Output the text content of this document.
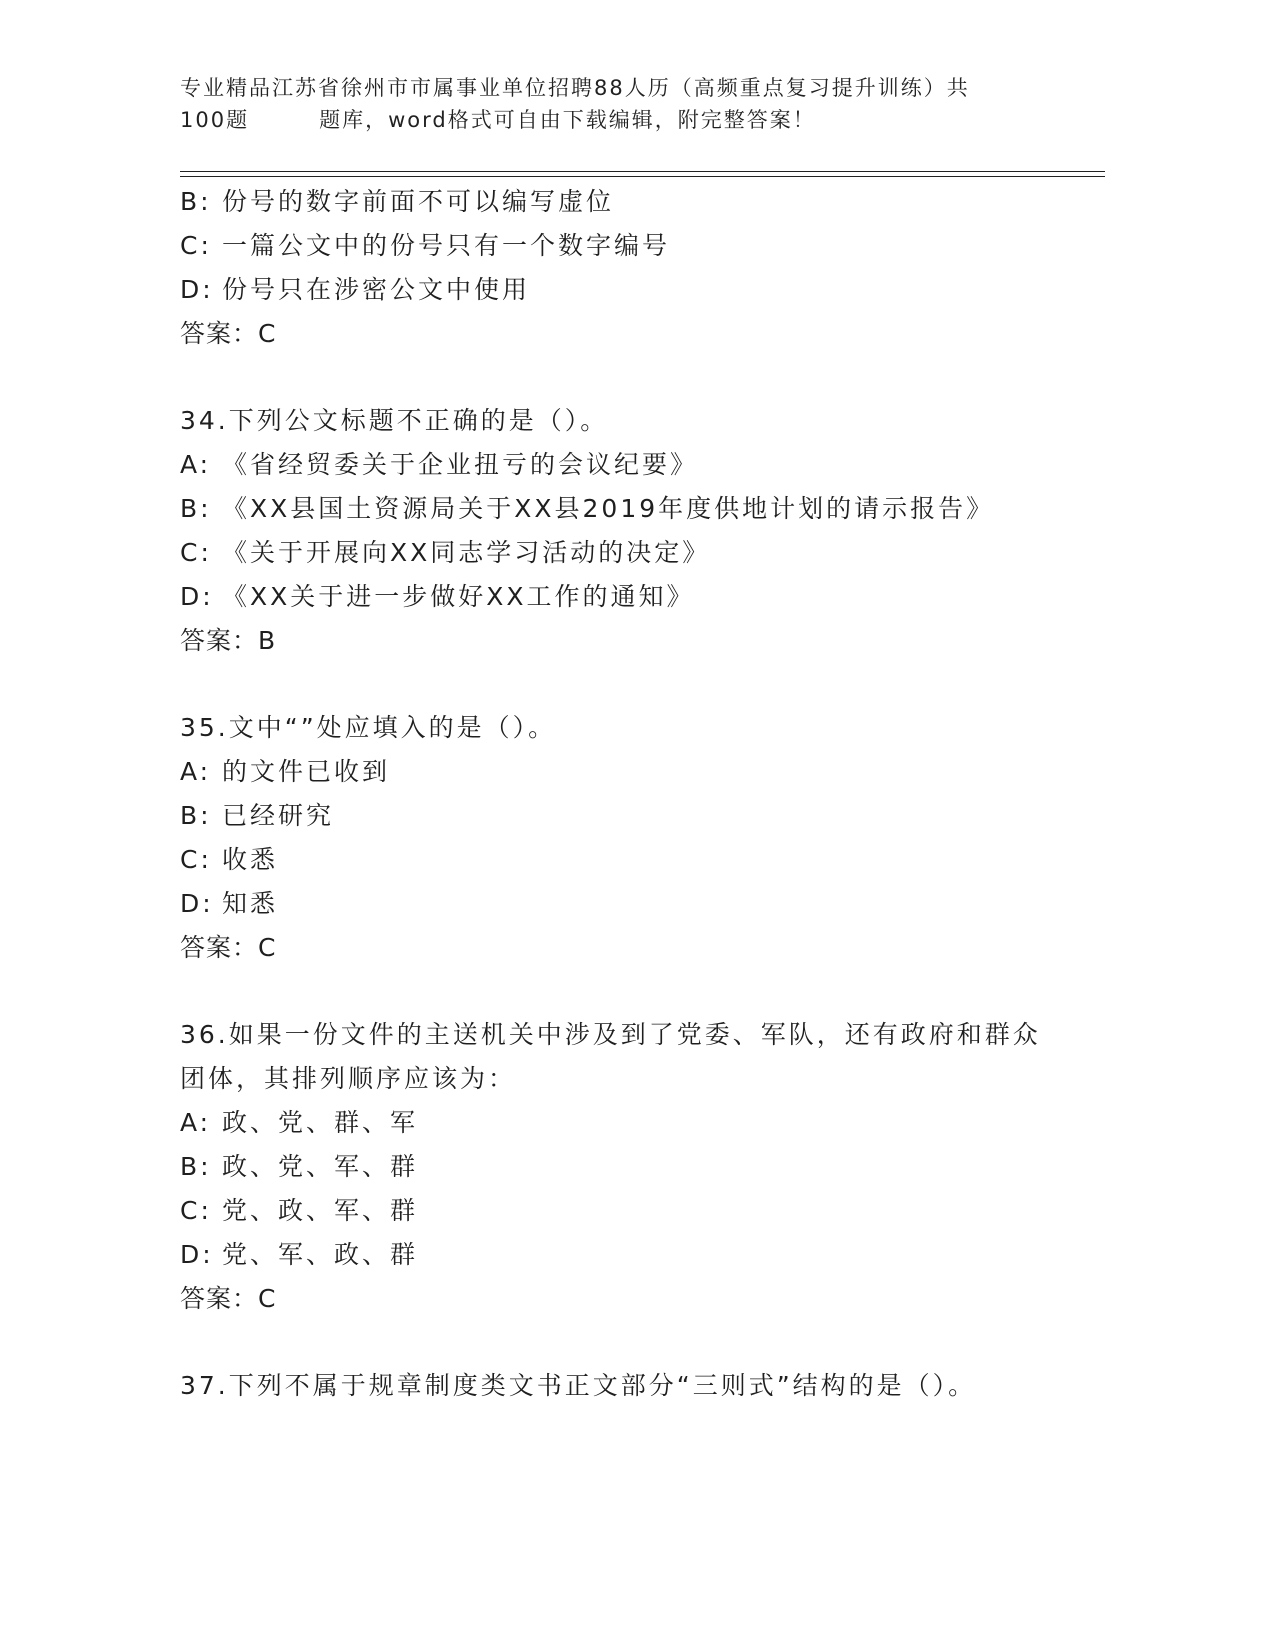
专业精品江苏省徐州市市属事业单位招聘88人历（高频重点复习提升训练）共
100题	题库，word格式可自由下载编辑，附完整答案！
B: 份号的数字前面不可以编写虚位
C: 一篇公文中的份号只有一个数字编号
D: 份号只在涉密公文中使用
答案：C
34.下列公文标题不正确的是（）。
A: 《省经贸委关于企业扭亏的会议纪要》
B: 《XX县国土资源局关于XX县2019年度供地计划的请示报告》
C: 《关于开展向XX同志学习活动的决定》
D: 《XX关于进一步做好XX工作的通知》
答案：B
35.文中“”处应填入的是（）。
A: 的文件已收到
B: 已经研究
C: 收悉
D: 知悉
答案：C
36.如果一份文件的主送机关中涉及到了党委、军队，还有政府和群众
团体，其排列顺序应该为：
A: 政、党、群、军
B: 政、党、军、群
C: 党、政、军、群
D: 党、军、政、群
答案：C
37.下列不属于规章制度类文书正文部分“三则式”结构的是（）。
